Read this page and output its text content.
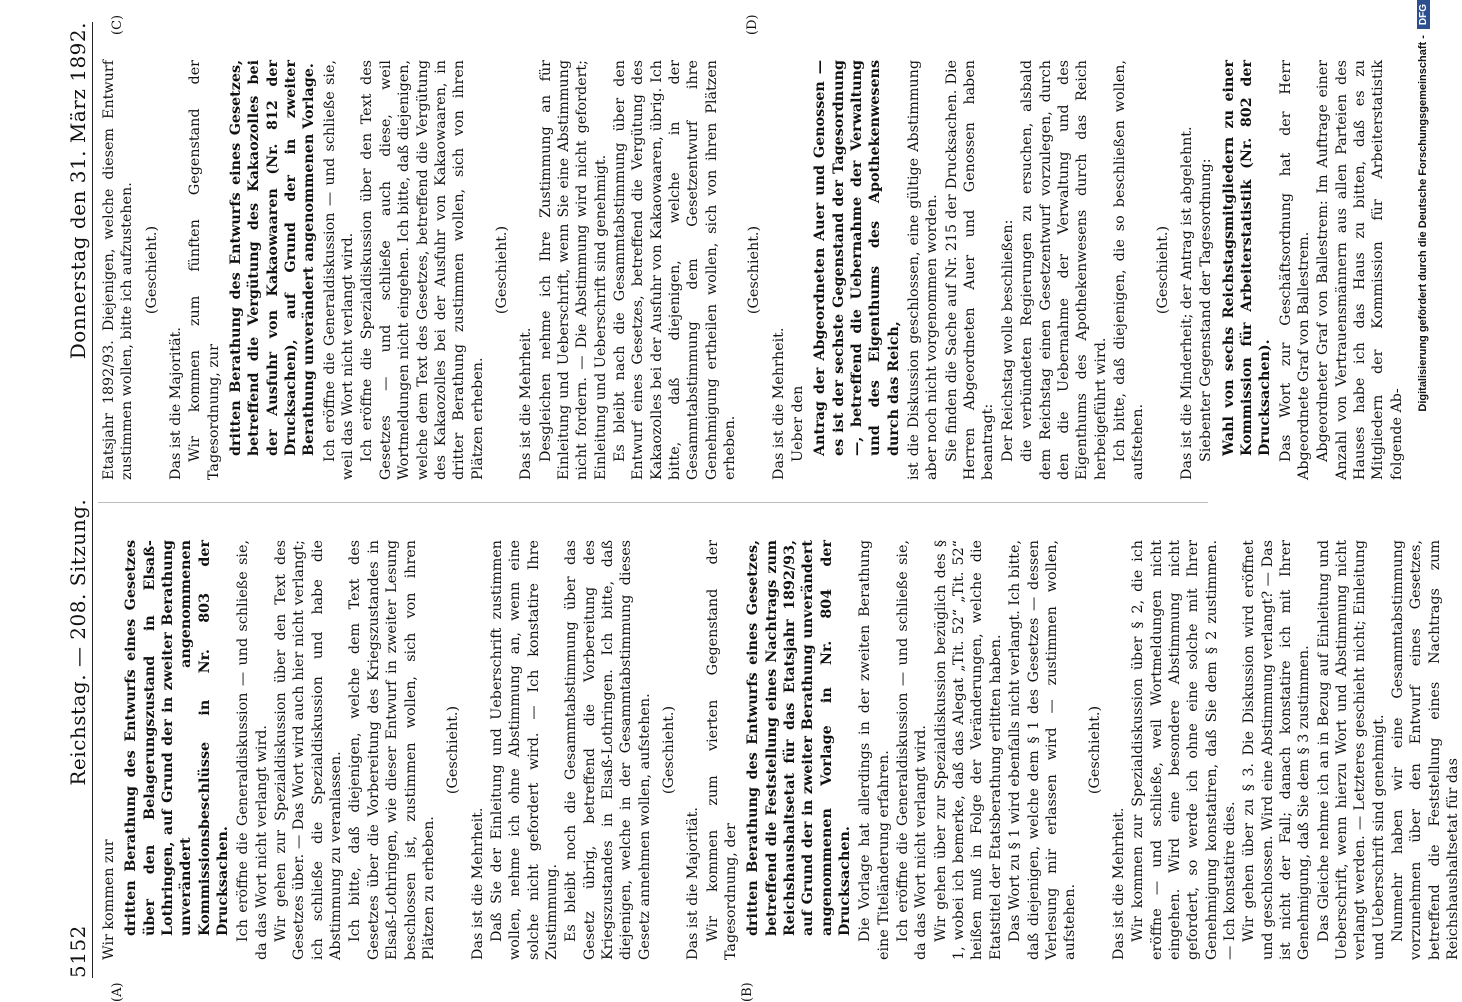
5152
Reichstag. — 208. Sitzung.
Donnerstag den 31. März 1892.
(A)	(B)
(C)	(D)

Wir kommen zur dritten Berathung des Entwurfs eines Gesetzes über den Belagerungszustand in Elsaß-Lothringen, auf Grund der in zweiter Berathung unverändert angenommenen Kommissionsbeschlüsse in Nr. 803 der Drucksachen. Ich eröffne die Generaldiskussion — und schließe sie, da das Wort nicht verlangt wird. Wir gehen zur Spezialdiskussion über den Text des Gesetzes über. — Das Wort wird auch hier nicht verlangt; ich schließe die Spezialdiskussion und habe die Abstimmung zu veranlassen. Ich bitte, daß diejenigen, welche dem Text des Gesetzes über die Vorbereitung des Kriegszustandes in Elsaß-Lothringen, wie dieser Entwurf in zweiter Lesung beschlossen ist, zustimmen wollen, sich von ihren Plätzen zu erheben.

(Geschieht.)

Das ist die Mehrheit. Daß Sie der Einleitung und Ueberschrift zustimmen wollen, nehme ich ohne Abstimmung an, wenn eine solche nicht gefordert wird. — Ich konstatire Ihre Zustimmung. Es bleibt noch die Gesammtabstimmung über das Gesetz übrig, betreffend die Vorbereitung des Kriegszustandes in Elsaß-Lothringen. Ich bitte, daß diejenigen, welche in der Gesammtabstimmung dieses Gesetz annehmen wollen, aufstehen. (Geschieht.)

Das ist die Majorität. Wir kommen zum vierten Gegenstand der Tagesordnung, der dritten Berathung des Entwurfs eines Gesetzes, betreffend die Feststellung eines Nachtrags zum Reichshaushaltsetat für das Etatsjahr 1892/93, auf Grund der in zweiter Berathung unverändert angenommenen Vorlage in Nr. 804 der Drucksachen. Die Vorlage hat allerdings in der zweiten Berathung eine Titeländerung erfahren. Ich eröffne die Generaldiskussion — und schließe sie, da das Wort nicht verlangt wird. Wir gehen über zur Spezialdiskussion bezüglich des § 1, wobei ich bemerke, daß das Alegat „Tit. 52“ „Tit. 52“ heißen muß in Folge der Veränderungen, welche die Etatstitel der Etatsberathung erlitten haben. Das Wort zu § 1 wird ebenfalls nicht verlangt. Ich bitte, daß diejenigen, welche dem § 1 des Gesetzes — dessen Verlesung mir erlassen wird — zustimmen wollen, aufstehen.

(Geschieht.)

Das ist die Mehrheit. Wir kommen zur Spezialdiskussion über § 2, die ich eröffne — und schließe, weil Wortmeldungen nicht eingehen. Wird eine besondere Abstimmung nicht gefordert, so werde ich ohne eine solche mit Ihrer Genehmigung konstatiren, daß Sie dem § 2 zustimmen. — Ich konstatire dies. Wir gehen über zu § 3. Die Diskussion wird eröffnet und geschlossen. Wird eine Abstimmung verlangt? — Das ist nicht der Fall; danach konstatire ich mit Ihrer Genehmigung, daß Sie dem § 3 zustimmen. Das Gleiche nehme ich an in Bezug auf Einleitung und Ueberschrift, wenn hierzu Wort und Abstimmung nicht verlangt werden. — Letzteres geschieht nicht; Einleitung und Ueberschrift sind genehmigt. Nunmehr haben wir eine Gesammtabstimmung vorzunehmen über den Entwurf eines Gesetzes, betreffend die Feststellung eines Nachtrags zum Reichshaushaltsetat für das

Etatsjahr 1892/93. Diejenigen, welche diesem Entwurf zustimmen wollen, bitte ich aufzustehen. (Geschieht.)

Das ist die Majorität. Wir kommen zum fünften Gegenstand der Tagesordnung, zur dritten Berathung des Entwurfs eines Gesetzes, betreffend die Vergütung des Kakaozolles bei der Ausfuhr von Kakaowaaren (Nr. 812 der Drucksachen), auf Grund der in zweiter Berathung unverändert angenommenen Vorlage. Ich eröffne die Generaldiskussion — und schließe sie, weil das Wort nicht verlangt wird. Ich eröffne die Spezialdiskussion über den Text des Gesetzes — und schließe auch diese, weil Wortmeldungen nicht eingehen. Ich bitte, daß diejenigen, welche dem Text des Gesetzes, betreffend die Vergütung des Kakaozolles bei der Ausfuhr von Kakaowaaren, in dritter Berathung zustimmen wollen, sich von ihren Plätzen erheben.

(Geschieht.)

Das ist die Mehrheit. Desgleichen nehme ich Ihre Zustimmung an für Einleitung und Ueberschrift, wenn Sie eine Abstimmung nicht fordern. — Die Abstimmung wird nicht gefordert; Einleitung und Ueberschrift sind genehmigt. Es bleibt nach die Gesammtabstimmung über den Entwurf eines Gesetzes, betreffend die Vergütung des Kakaozolles bei der Ausfuhr von Kakaowaaren, übrig. Ich bitte, daß diejenigen, welche in der Gesammtabstimmung dem Gesetzentwurf ihre Genehmigung ertheilen wollen, sich von ihren Plätzen erheben.

(Geschieht.)

Das ist die Mehrheit. Ueber den Antrag der Abgeordneten Auer und Genossen — es ist der sechste Gegenstand der Tagesordnung —, betreffend die Uebernahme der Verwaltung und des Eigenthums des Apothekenwesens durch das Reich, ist die Diskussion geschlossen, eine gültige Abstimmung aber noch nicht vorgenommen worden. Sie finden die Sache auf Nr. 215 der Drucksachen. Die Herren Abgeordneten Auer und Genossen haben beantragt: Der Reichstag wolle beschließen: die verbündeten Regierungen zu ersuchen, alsbald dem Reichstag einen Gesetzentwurf vorzulegen, durch den die Uebernahme der Verwaltung und des Eigenthums des Apothekenwesens durch das Reich herbeigeführt wird. Ich bitte, daß diejenigen, die so beschließen wollen, aufstehen.

(Geschieht.) Das ist die Minderheit; der Antrag ist abgelehnt. Siebenter Gegenstand der Tagesordnung: Wahl von sechs Reichstagsmitgliedern zu einer Kommission für Arbeiterstatistik (Nr. 802 der Drucksachen). Das Wort zur Geschäftsordnung hat der Herr Abgeordnete Graf von Ballestrem. Abgeordneter Graf von Ballestrem: Im Auftrage einer Anzahl von Vertrauensmännern aus allen Parteien des Hauses habe ich das Haus zu bitten, daß es zu Mitgliedern der Kommission für Arbeiterstatistik folgende Ab-

Digitalisierung gefördert durch die Deutsche Forschungsgemeinschaft -
DFG
